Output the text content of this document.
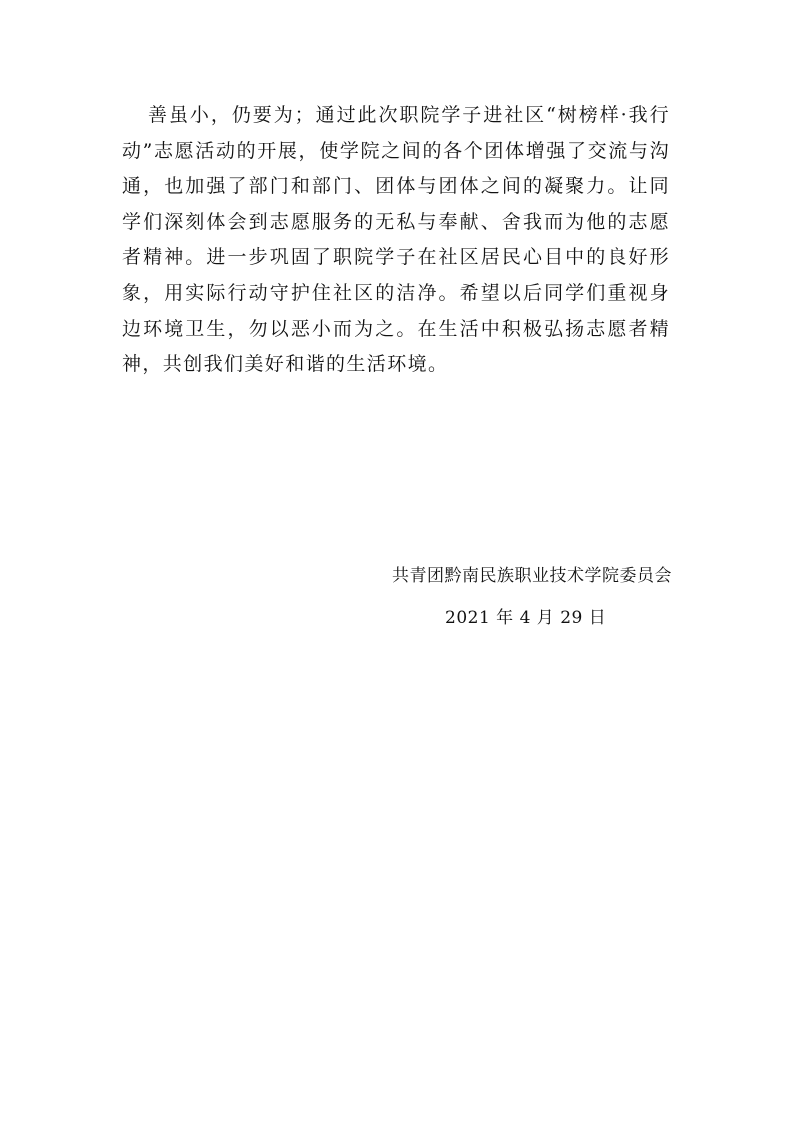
善虽小，仍要为；通过此次职院学子进社区“树榜样·我行动”志愿活动的开展，使学院之间的各个团体增强了交流与沟通，也加强了部门和部门、团体与团体之间的凝聚力。让同学们深刻体会到志愿服务的无私与奉献、舍我而为他的志愿者精神。进一步巩固了职院学子在社区居民心目中的良好形象，用实际行动守护住社区的洁净。希望以后同学们重视身边环境卫生，勿以恶小而为之。在生活中积极弘扬志愿者精神，共创我们美好和谐的生活环境。

共青团黔南民族职业技术学院委员会
2021 年 4 月 29 日
